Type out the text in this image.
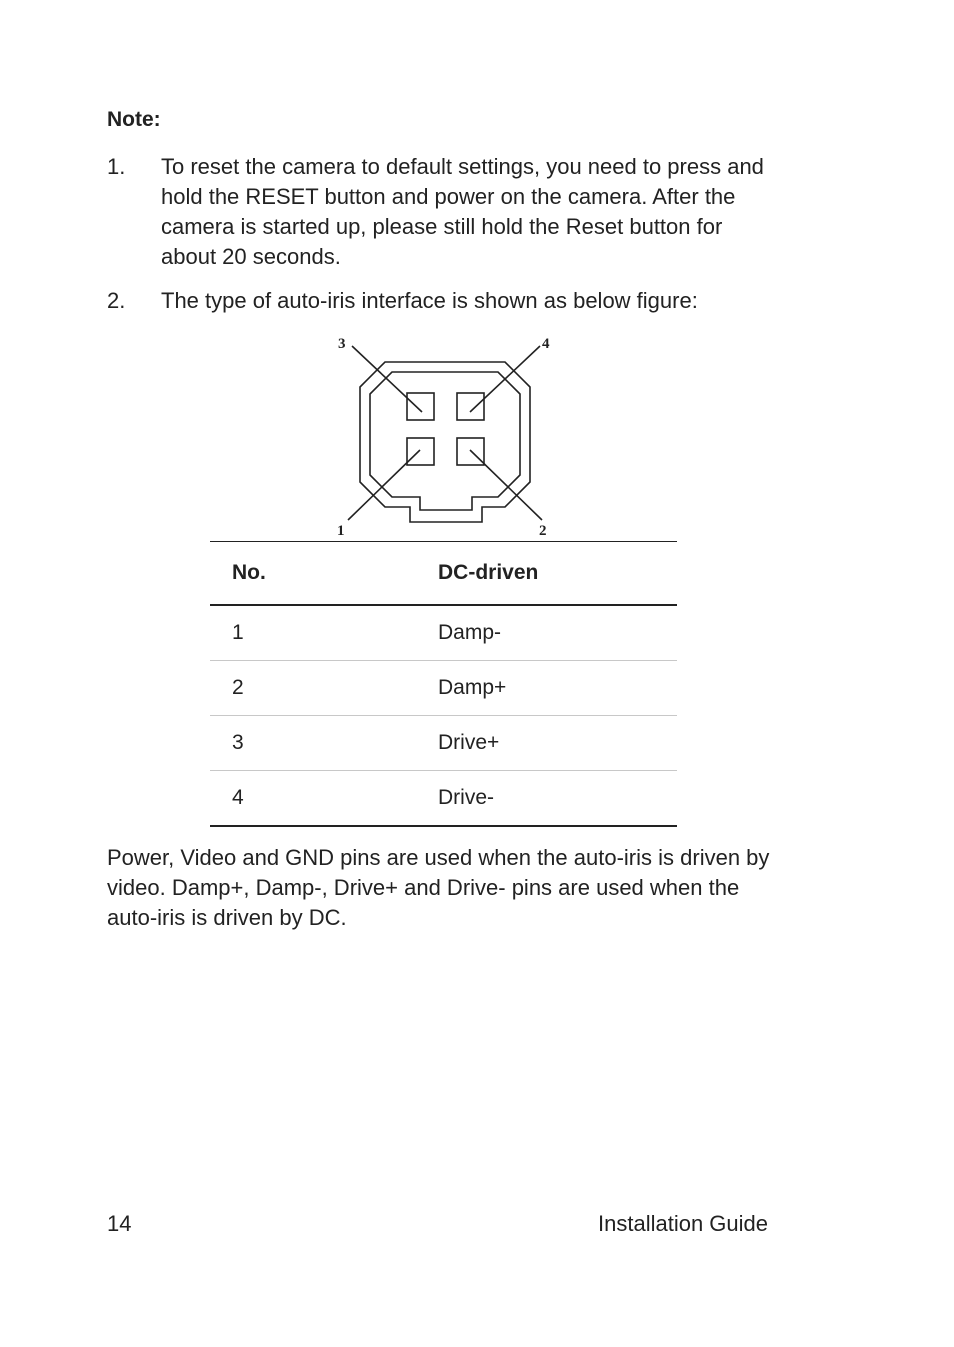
Note:
1. To reset the camera to default settings, you need to press and hold the RESET button and power on the camera. After the camera is started up, please still hold the Reset button for about 20 seconds.
2. The type of auto-iris interface is shown as below figure:
3	4
1	2
No.	DC-driven
1	Damp-
2	Damp+
3	Drive+
4	Drive-
Power, Video and GND pins are used when the auto-iris is driven by video. Damp+, Damp-, Drive+ and Drive- pins are used when the auto-iris is driven by DC.
14	Installation Guide
